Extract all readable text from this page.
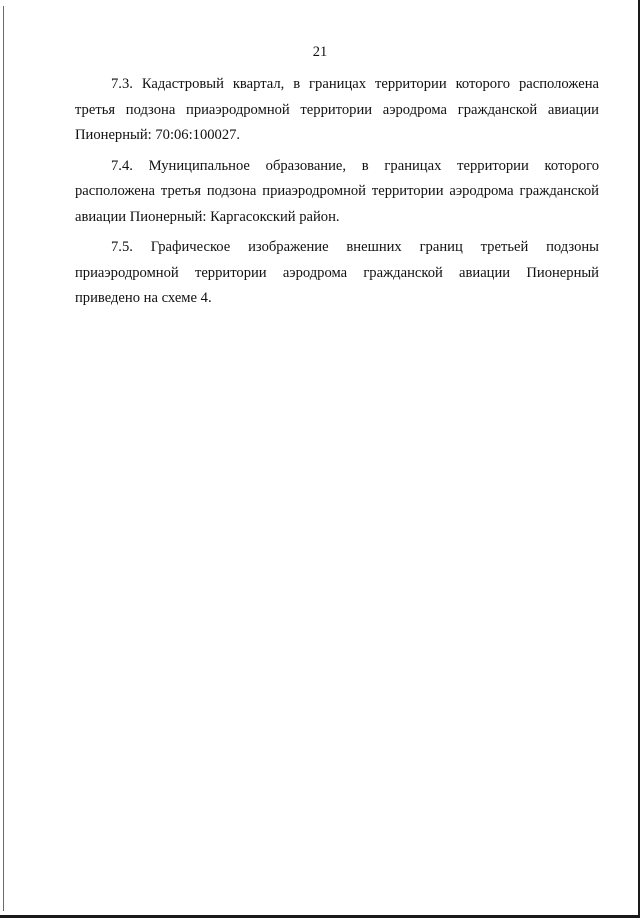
21

7.3. Кадастровый квартал, в границах территории которого расположена третья подзона приаэродромной территории аэродрома гражданской авиации Пионерный: 70:06:100027.

7.4. Муниципальное образование, в границах территории которого расположена третья подзона приаэродромной территории аэродрома гражданской авиации Пионерный: Каргасокский район.

7.5. Графическое изображение внешних границ третьей подзоны приаэродромной территории аэродрома гражданской авиации Пионерный приведено на схеме 4.
